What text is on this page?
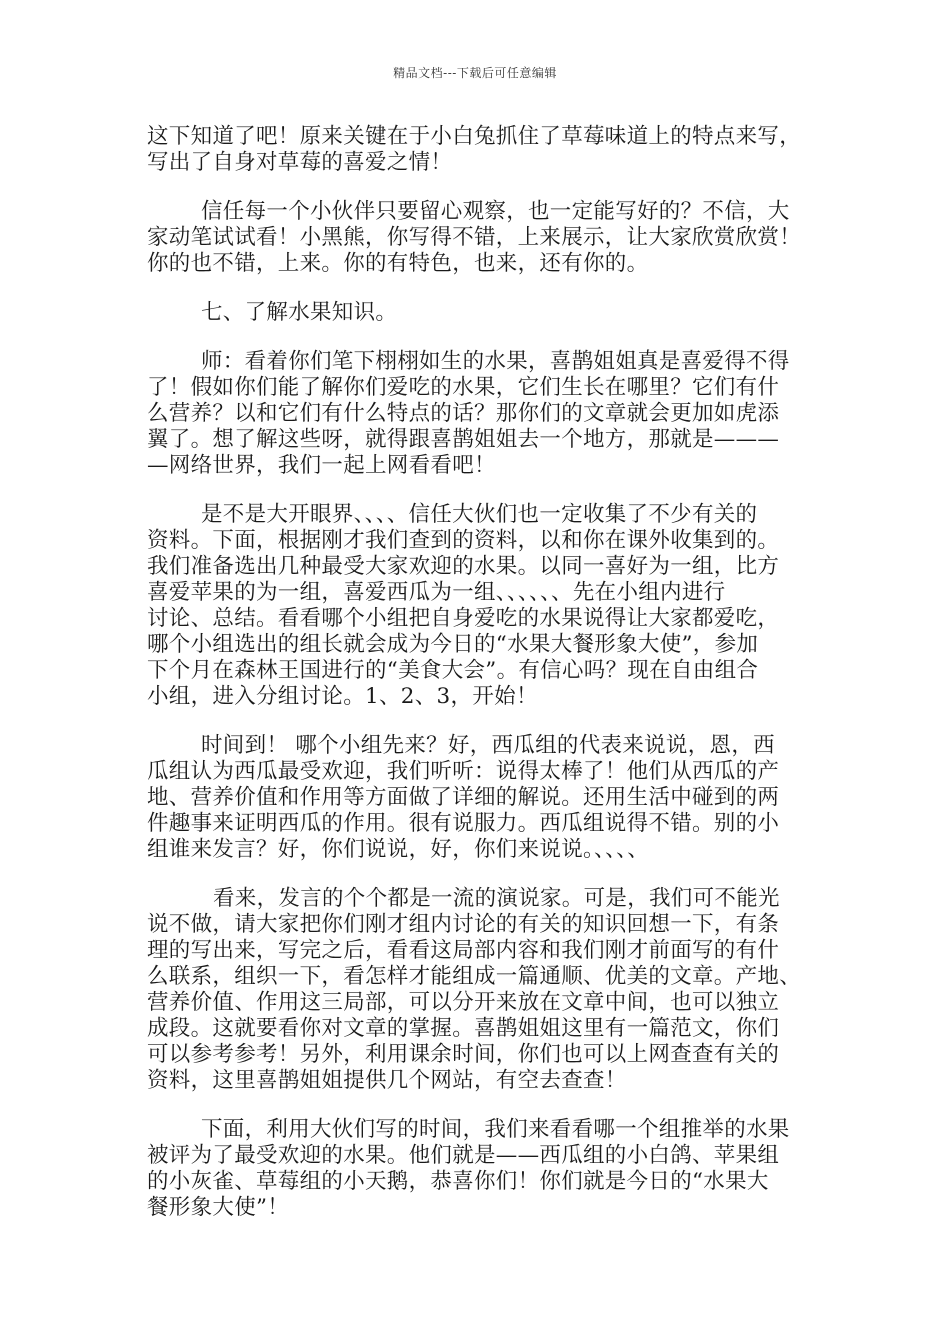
精品文档---下载后可任意编辑

这下知道了吧！原来关键在于小白兔抓住了草莓味道上的特点来写，
写出了自身对草莓的喜爱之情！

信任每一个小伙伴只要留心观察，也一定能写好的？不信，大
家动笔试试看！小黑熊，你写得不错，上来展示，让大家欣赏欣赏！
你的也不错，上来。你的有特色，也来，还有你的。

七、了解水果知识。

师：看着你们笔下栩栩如生的水果，喜鹊姐姐真是喜爱得不得
了！假如你们能了解你们爱吃的水果，它们生长在哪里？它们有什
么营养？以和它们有什么特点的话？那你们的文章就会更加如虎添
翼了。想了解这些呀，就得跟喜鹊姐姐去一个地方，那就是———
—网络世界，我们一起上网看看吧！

是不是大开眼界、、、、信任大伙们也一定收集了不少有关的
资料。下面，根据刚才我们查到的资料，以和你在课外收集到的。
我们准备选出几种最受大家欢迎的水果。以同一喜好为一组，比方
喜爱苹果的为一组，喜爱西瓜为一组、、、、、、先在小组内进行
讨论、总结。看看哪个小组把自身爱吃的水果说得让大家都爱吃，
哪个小组选出的组长就会成为今日的“水果大餐形象大使”，参加
下个月在森林王国进行的“美食大会”。有信心吗？现在自由组合
小组，进入分组讨论。1、2、3，开始！

时间到！ 哪个小组先来？好，西瓜组的代表来说说，恩，西
瓜组认为西瓜最受欢迎，我们听听：说得太棒了！他们从西瓜的产
地、营养价值和作用等方面做了详细的解说。还用生活中碰到的两
件趣事来证明西瓜的作用。很有说服力。西瓜组说得不错。别的小
组谁来发言？好，你们说说，好，你们来说说。、、、、

看来，发言的个个都是一流的演说家。可是，我们可不能光
说不做，请大家把你们刚才组内讨论的有关的知识回想一下，有条
理的写出来，写完之后，看看这局部内容和我们刚才前面写的有什
么联系，组织一下，看怎样才能组成一篇通顺、优美的文章。产地、
营养价值、作用这三局部，可以分开来放在文章中间，也可以独立
成段。这就要看你对文章的掌握。喜鹊姐姐这里有一篇范文，你们
可以参考参考！另外，利用课余时间，你们也可以上网查查有关的
资料，这里喜鹊姐姐提供几个网站，有空去查查！

下面，利用大伙们写的时间，我们来看看哪一个组推举的水果
被评为了最受欢迎的水果。他们就是——西瓜组的小白鸽、苹果组
的小灰雀、草莓组的小天鹅，恭喜你们！你们就是今日的“水果大
餐形象大使”！
